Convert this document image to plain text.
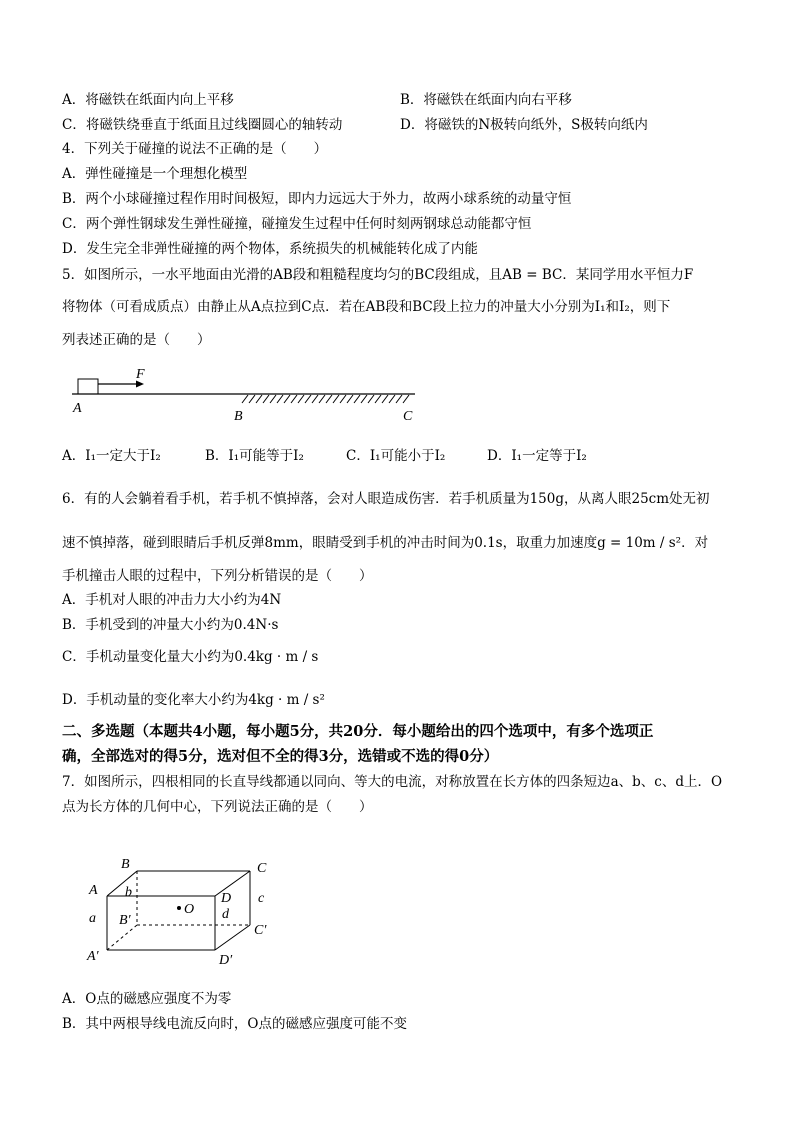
A．将磁铁在纸面内向上平移	B．将磁铁在纸面内向右平移
C．将磁铁绕垂直于纸面且过线圈圆心的轴转动	D．将磁铁的N极转向纸外，S极转向纸内
4．下列关于碰撞的说法不正确的是（　　）
A．弹性碰撞是一个理想化模型
B．两个小球碰撞过程作用时间极短，即内力远远大于外力，故两小球系统的动量守恒
C．两个弹性钢球发生弹性碰撞，碰撞发生过程中任何时刻两钢球总动能都守恒
D．发生完全非弹性碰撞的两个物体，系统损失的机械能转化成了内能
5．如图所示，一水平地面由光滑的AB段和粗糙程度均匀的BC段组成，且AB = BC．某同学用水平恒力F
将物体（可看成质点）由静止从A点拉到C点．若在AB段和BC段上拉力的冲量大小分别为I₁和I₂，则下
列表述正确的是（　　）
F
A
B	C
A．I₁一定大于I₂	B．I₁可能等于I₂	C．I₁可能小于I₂	D．I₁一定等于I₂
6．有的人会躺着看手机，若手机不慎掉落，会对人眼造成伤害．若手机质量为150g，从离人眼25cm处无初
速不慎掉落，碰到眼睛后手机反弹8mm，眼睛受到手机的冲击时间为0.1s，取重力加速度g = 10m / s²．对
手机撞击人眼的过程中，下列分析错误的是（　　）
A．手机对人眼的冲击力大小约为4N
B．手机受到的冲量大小约为0.4N·s
C．手机动量变化量大小约为0.4kg · m / s
D．手机动量的变化率大小约为4kg · m / s²
二、多选题（本题共4小题，每小题5分，共20分．每小题给出的四个选项中，有多个选项正
确，全部选对的得5分，选对但不全的得3分，选错或不选的得0分）
7．如图所示，四根相同的长直导线都通以同向、等大的电流，对称放置在长方体的四条短边a、b、c、d上．O
点为长方体的几何中心，下列说法正确的是（　　）
B	C
A b	c
D
a B′
O d
C′
A′	D′
A．O点的磁感应强度不为零
B．其中两根导线电流反向时，O点的磁感应强度可能不变
